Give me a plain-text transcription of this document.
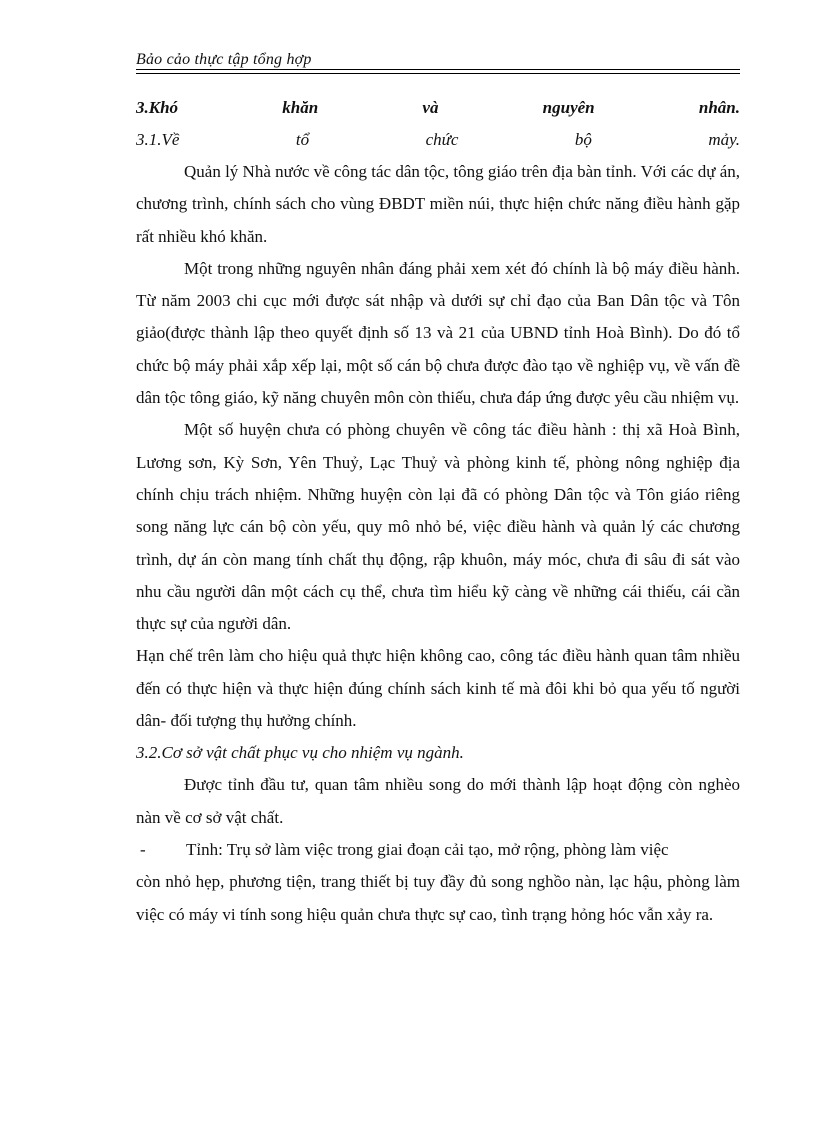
Bảo cảo thực tập tổng hợp
3.Khó	khăn	và	nguyên	nhân.
3.1.Về	tổ	chức	bộ	mảy.

Quản lý Nhà nước về công tác dân tộc, tông giáo trên địa bàn tỉnh. Với các dự án, chương trình, chính sách cho vùng ĐBDT miền núi, thực hiện chức năng điều hành gặp rất nhiều khó khăn.

Một trong những nguyên nhân đáng phải xem xét đó chính là bộ máy điều hành. Từ năm 2003 chi cục mới được sát nhập và dưới sự chỉ đạo của Ban Dân tộc và Tôn giảo(được thành lập theo quyết định số 13 và 21 của UBND tỉnh Hoà Bình). Do đó tổ chức bộ máy phải xắp xếp lại, một số cán bộ chưa được đào tạo về nghiệp vụ, về vấn đề dân tộc tông giáo, kỹ năng chuyên môn còn thiếu, chưa đáp ứng được yêu cầu nhiệm vụ.

Một số huyện chưa có phòng chuyên về công tác điều hành : thị xã Hoà Bình, Lương sơn, Kỳ Sơn, Yên Thuỷ, Lạc Thuỷ và phòng kinh tế, phòng nông nghiệp địa chính chịu trách nhiệm. Những huyện còn lại đã có phòng Dân tộc và Tôn giáo riêng song năng lực cán bộ còn yếu, quy mô nhỏ bé, việc điều hành và quản lý các chương trình, dự án còn mang tính chất thụ động, rập khuôn, máy móc, chưa đi sâu đi sát vào nhu cầu người dân một cách cụ thể, chưa tìm hiểu kỹ càng về những cái thiếu, cái cần thực sự của người dân.

Hạn chế trên làm cho hiệu quả thực hiện không cao, công tác điều hành quan tâm nhiều đến có thực hiện và thực hiện đúng chính sách kinh tế mà đôi khi bỏ qua yếu tố người dân- đối tượng thụ hưởng chính.

3.2.Cơ sở vật chất phục vụ cho nhiệm vụ ngành.

Được tỉnh đầu tư, quan tâm nhiều song do mới thành lập hoạt động còn nghèo nàn về cơ sở vật chất.

-	Tỉnh: Trụ sở làm việc trong giai đoạn cải tạo, mở rộng, phòng làm việc

còn nhỏ hẹp, phương tiện, trang thiết bị tuy đầy đủ song nghồo nàn, lạc hậu, phòng làm việc có máy vi tính song hiệu quản chưa thực sự cao, tình trạng hỏng hóc vẫn xảy ra.
